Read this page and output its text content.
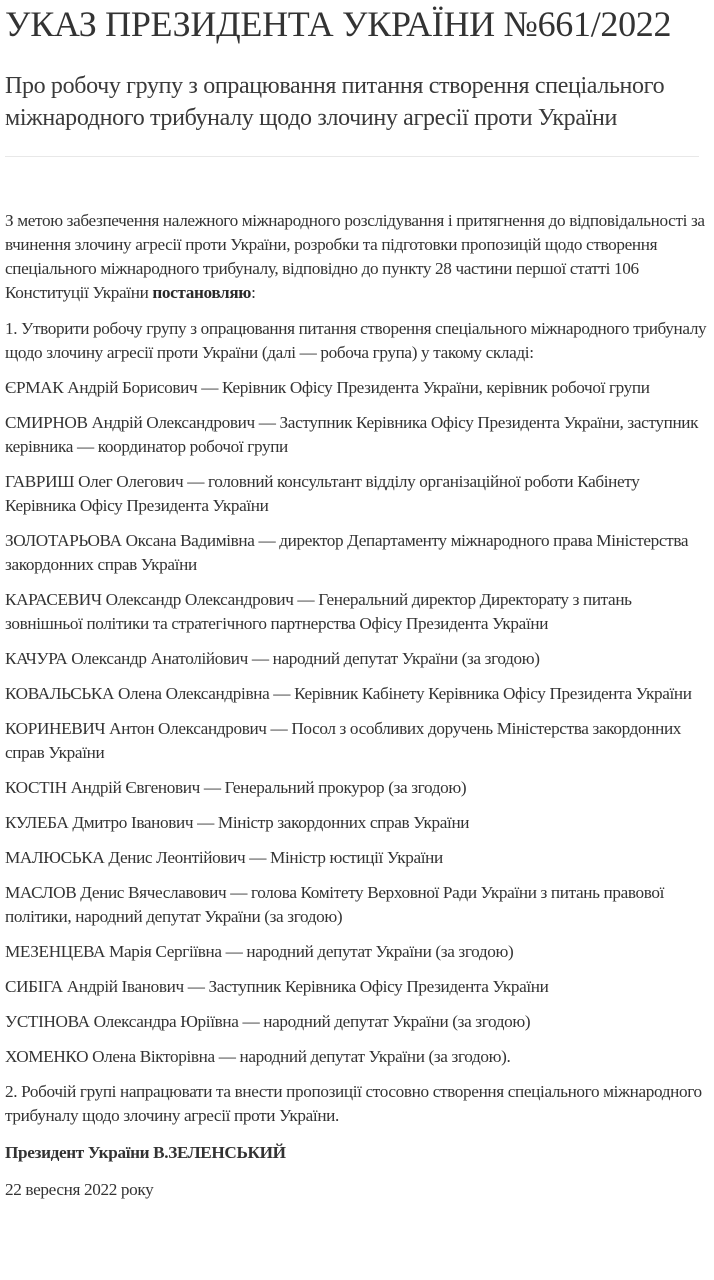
УКАЗ ПРЕЗИДЕНТА УКРАЇНИ №661/2022
Про робочу групу з опрацювання питання створення спеціального міжнародного трибуналу щодо злочину агресії проти України

З метою забезпечення належного міжнародного розслідування і притягнення до відповідальності за вчинення злочину агресії проти України, розробки та підготовки пропозицій щодо створення спеціального міжнародного трибуналу, відповідно до пункту 28 частини першої статті 106 Конституції України постановляю:

1. Утворити робочу групу з опрацювання питання створення спеціального міжнародного трибуналу щодо злочину агресії проти України (далі — робоча група) у такому складі:

ЄРМАК Андрій Борисович — Керівник Офісу Президента України, керівник робочої групи
СМИРНОВ Андрій Олександрович — Заступник Керівника Офісу Президента України, заступник керівника — координатор робочої групи
ГАВРИШ Олег Олегович — головний консультант відділу організаційної роботи Кабінету Керівника Офісу Президента України
ЗОЛОТАРЬОВА Оксана Вадимівна — директор Департаменту міжнародного права Міністерства закордонних справ України
КАРАСЕВИЧ Олександр Олександрович — Генеральний директор Директорату з питань зовнішньої політики та стратегічного партнерства Офісу Президента України
КАЧУРА Олександр Анатолійович — народний депутат України (за згодою)
КОВАЛЬСЬКА Олена Олександрівна — Керівник Кабінету Керівника Офісу Президента України
КОРИНЕВИЧ Антон Олександрович — Посол з особливих доручень Міністерства закордонних справ України
КОСТІН Андрій Євгенович — Генеральний прокурор (за згодою)
КУЛЕБА Дмитро Іванович — Міністр закордонних справ України
МАЛЮСЬКА Денис Леонтійович — Міністр юстиції України
МАСЛОВ Денис Вячеславович — голова Комітету Верховної Ради України з питань правової політики, народний депутат України (за згодою)
МЕЗЕНЦЕВА Марія Сергіївна — народний депутат України (за згодою)
СИБІГА Андрій Іванович — Заступник Керівника Офісу Президента України
УСТІНОВА Олександра Юріївна — народний депутат України (за згодою)
ХОМЕНКО Олена Вікторівна — народний депутат України (за згодою).

2. Робочій групі напрацювати та внести пропозиції стосовно створення спеціального міжнародного трибуналу щодо злочину агресії проти України.

Президент України В.ЗЕЛЕНСЬКИЙ

22 вересня 2022 року
